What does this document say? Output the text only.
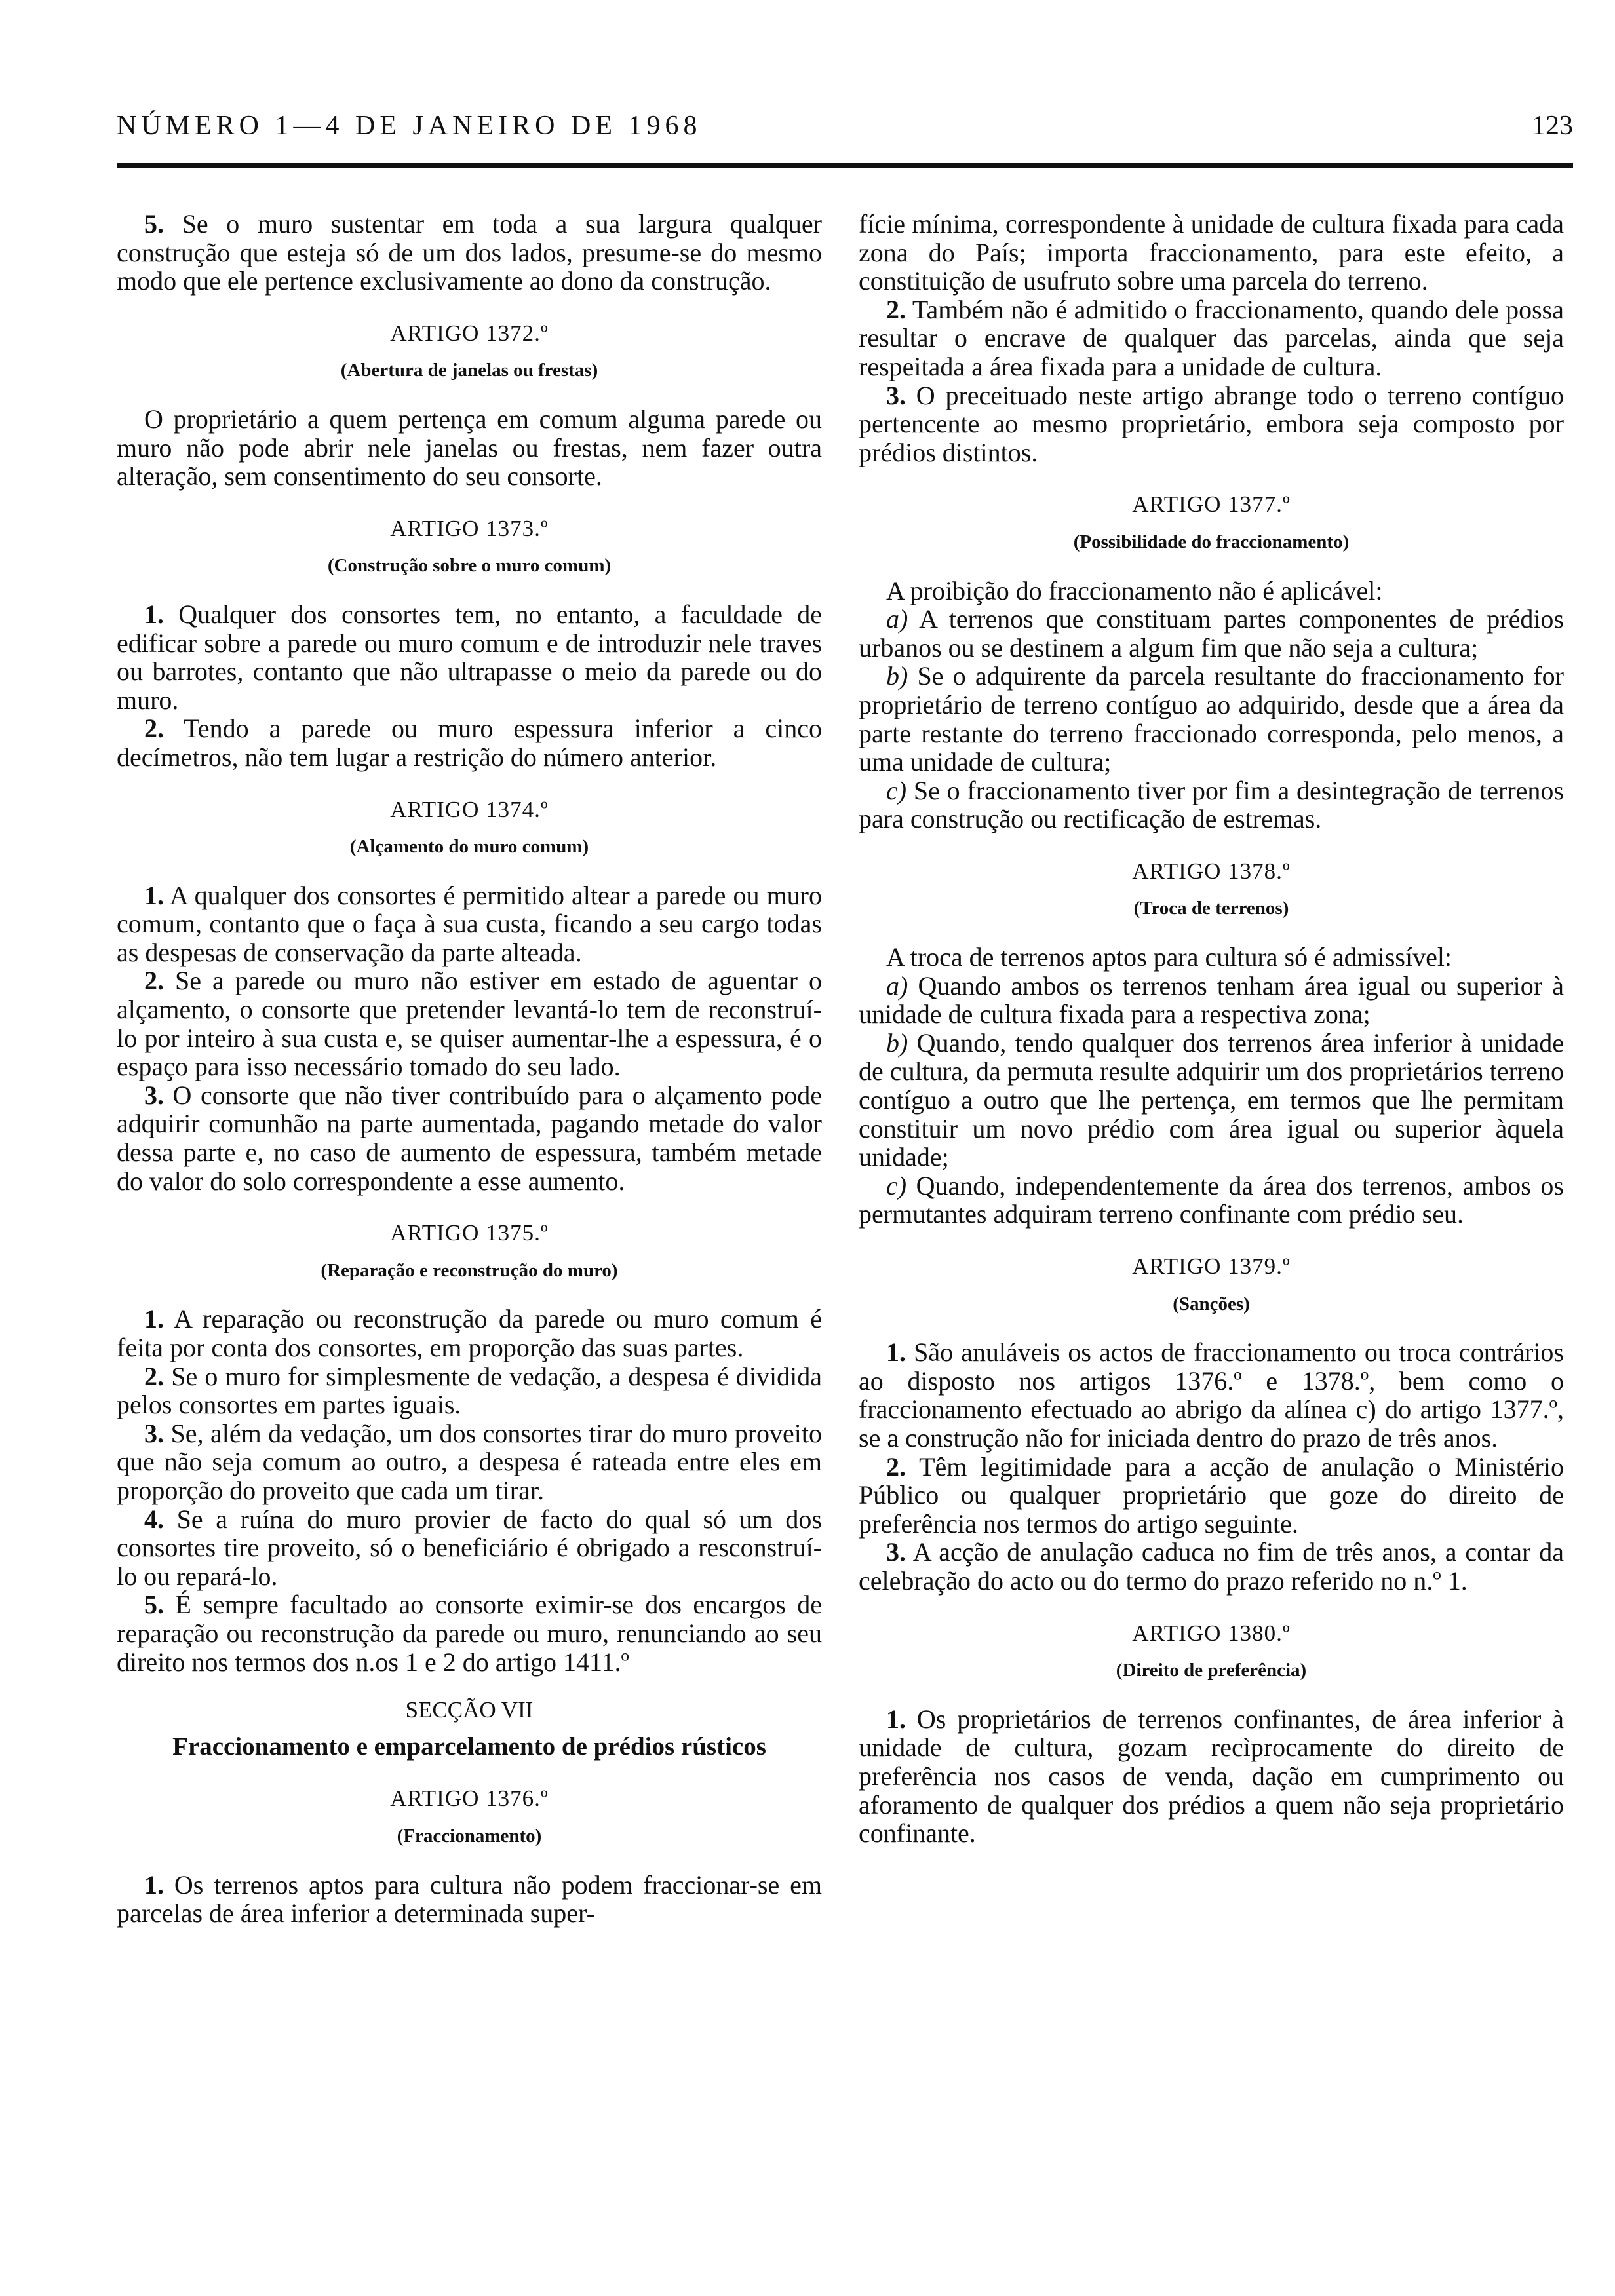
NÚMERO 1—4 DE JANEIRO DE 1968	123
5. Se o muro sustentar em toda a sua largura qualquer construção que esteja só de um dos lados, presume-se do mesmo modo que ele pertence exclusivamente ao dono da construção.
ARTIGO 1372.º
(Abertura de janelas ou frestas)
O proprietário a quem pertença em comum alguma parede ou muro não pode abrir nele janelas ou frestas, nem fazer outra alteração, sem consentimento do seu consorte.
ARTIGO 1373.º
(Construção sobre o muro comum)
1. Qualquer dos consortes tem, no entanto, a faculdade de edificar sobre a parede ou muro comum e de introduzir nele traves ou barrotes, contanto que não ultrapasse o meio da parede ou do muro.
2. Tendo a parede ou muro espessura inferior a cinco decímetros, não tem lugar a restrição do número anterior.
ARTIGO 1374.º
(Alçamento do muro comum)
1. A qualquer dos consortes é permitido altear a parede ou muro comum, contanto que o faça à sua custa, ficando a seu cargo todas as despesas de conservação da parte alteada.
2. Se a parede ou muro não estiver em estado de aguentar o alçamento, o consorte que pretender levantá-lo tem de reconstruí-lo por inteiro à sua custa e, se quiser aumentar-lhe a espessura, é o espaço para isso necessário tomado do seu lado.
3. O consorte que não tiver contribuído para o alçamento pode adquirir comunhão na parte aumentada, pagando metade do valor dessa parte e, no caso de aumento de espessura, também metade do valor do solo correspondente a esse aumento.
ARTIGO 1375.º
(Reparação e reconstrução do muro)
1. A reparação ou reconstrução da parede ou muro comum é feita por conta dos consortes, em proporção das suas partes.
2. Se o muro for simplesmente de vedação, a despesa é dividida pelos consortes em partes iguais.
3. Se, além da vedação, um dos consortes tirar do muro proveito que não seja comum ao outro, a despesa é rateada entre eles em proporção do proveito que cada um tirar.
4. Se a ruína do muro provier de facto do qual só um dos consortes tire proveito, só o beneficiário é obrigado a resconstruí-lo ou repará-lo.
5. É sempre facultado ao consorte eximir-se dos encargos de reparação ou reconstrução da parede ou muro, renunciando ao seu direito nos termos dos n.os 1 e 2 do artigo 1411.º
SECÇÃO VII
Fraccionamento e emparcelamento de prédios rústicos
ARTIGO 1376.º
(Fraccionamento)
1. Os terrenos aptos para cultura não podem fraccionar-se em parcelas de área inferior a determinada super-
fície mínima, correspondente à unidade de cultura fixada para cada zona do País; importa fraccionamento, para este efeito, a constituição de usufruto sobre uma parcela do terreno.
2. Também não é admitido o fraccionamento, quando dele possa resultar o encrave de qualquer das parcelas, ainda que seja respeitada a área fixada para a unidade de cultura.
3. O preceituado neste artigo abrange todo o terreno contíguo pertencente ao mesmo proprietário, embora seja composto por prédios distintos.
ARTIGO 1377.º
(Possibilidade do fraccionamento)
A proibição do fraccionamento não é aplicável:
a) A terrenos que constituam partes componentes de prédios urbanos ou se destinem a algum fim que não seja a cultura;
b) Se o adquirente da parcela resultante do fraccionamento for proprietário de terreno contíguo ao adquirido, desde que a área da parte restante do terreno fraccionado corresponda, pelo menos, a uma unidade de cultura;
c) Se o fraccionamento tiver por fim a desintegração de terrenos para construção ou rectificação de estremas.
ARTIGO 1378.º
(Troca de terrenos)
A troca de terrenos aptos para cultura só é admissível:
a) Quando ambos os terrenos tenham área igual ou superior à unidade de cultura fixada para a respectiva zona;
b) Quando, tendo qualquer dos terrenos área inferior à unidade de cultura, da permuta resulte adquirir um dos proprietários terreno contíguo a outro que lhe pertença, em termos que lhe permitam constituir um novo prédio com área igual ou superior àquela unidade;
c) Quando, independentemente da área dos terrenos, ambos os permutantes adquiram terreno confinante com prédio seu.
ARTIGO 1379.º
(Sanções)
1. São anuláveis os actos de fraccionamento ou troca contrários ao disposto nos artigos 1376.º e 1378.º, bem como o fraccionamento efectuado ao abrigo da alínea c) do artigo 1377.º, se a construção não for iniciada dentro do prazo de três anos.
2. Têm legitimidade para a acção de anulação o Ministério Público ou qualquer proprietário que goze do direito de preferência nos termos do artigo seguinte.
3. A acção de anulação caduca no fim de três anos, a contar da celebração do acto ou do termo do prazo referido no n.º 1.
ARTIGO 1380.º
(Direito de preferência)
1. Os proprietários de terrenos confinantes, de área inferior à unidade de cultura, gozam recìprocamente do direito de preferência nos casos de venda, dação em cumprimento ou aforamento de qualquer dos prédios a quem não seja proprietário confinante.
